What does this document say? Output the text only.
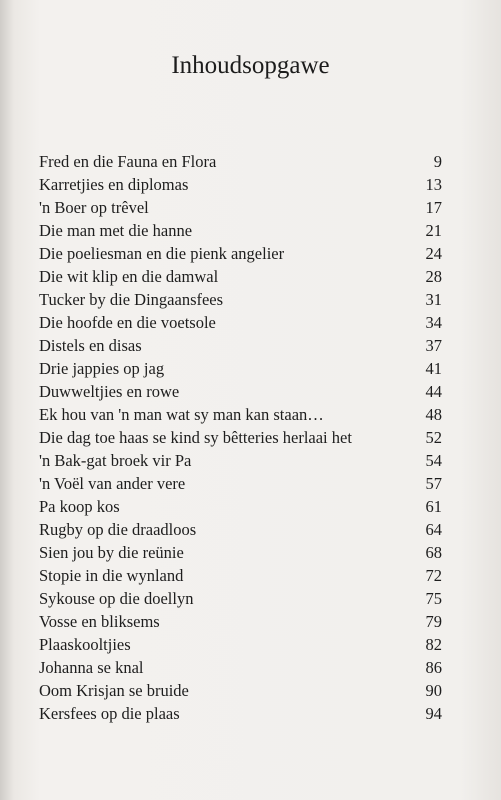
Inhoudsopgawe
Fred en die Fauna en Flora	9
Karretjies en diplomas	13
'n Boer op trêvel	17
Die man met die hanne	21
Die poeliesman en die pienk angelier	24
Die wit klip en die damwal	28
Tucker by die Dingaansfees	31
Die hoofde en die voetsole	34
Distels en disas	37
Drie jappies op jag	41
Duwweltjies en rowe	44
Ek hou van 'n man wat sy man kan staan…	48
Die dag toe haas se kind sy bêtteries herlaai het	52
'n Bak-gat broek vir Pa	54
'n Voël van ander vere	57
Pa koop kos	61
Rugby op die draadloos	64
Sien jou by die reünie	68
Stopie in die wynland	72
Sykouse op die doellyn	75
Vosse en bliksems	79
Plaaskooltjies	82
Johanna se knal	86
Oom Krisjan se bruide	90
Kersfees op die plaas	94
